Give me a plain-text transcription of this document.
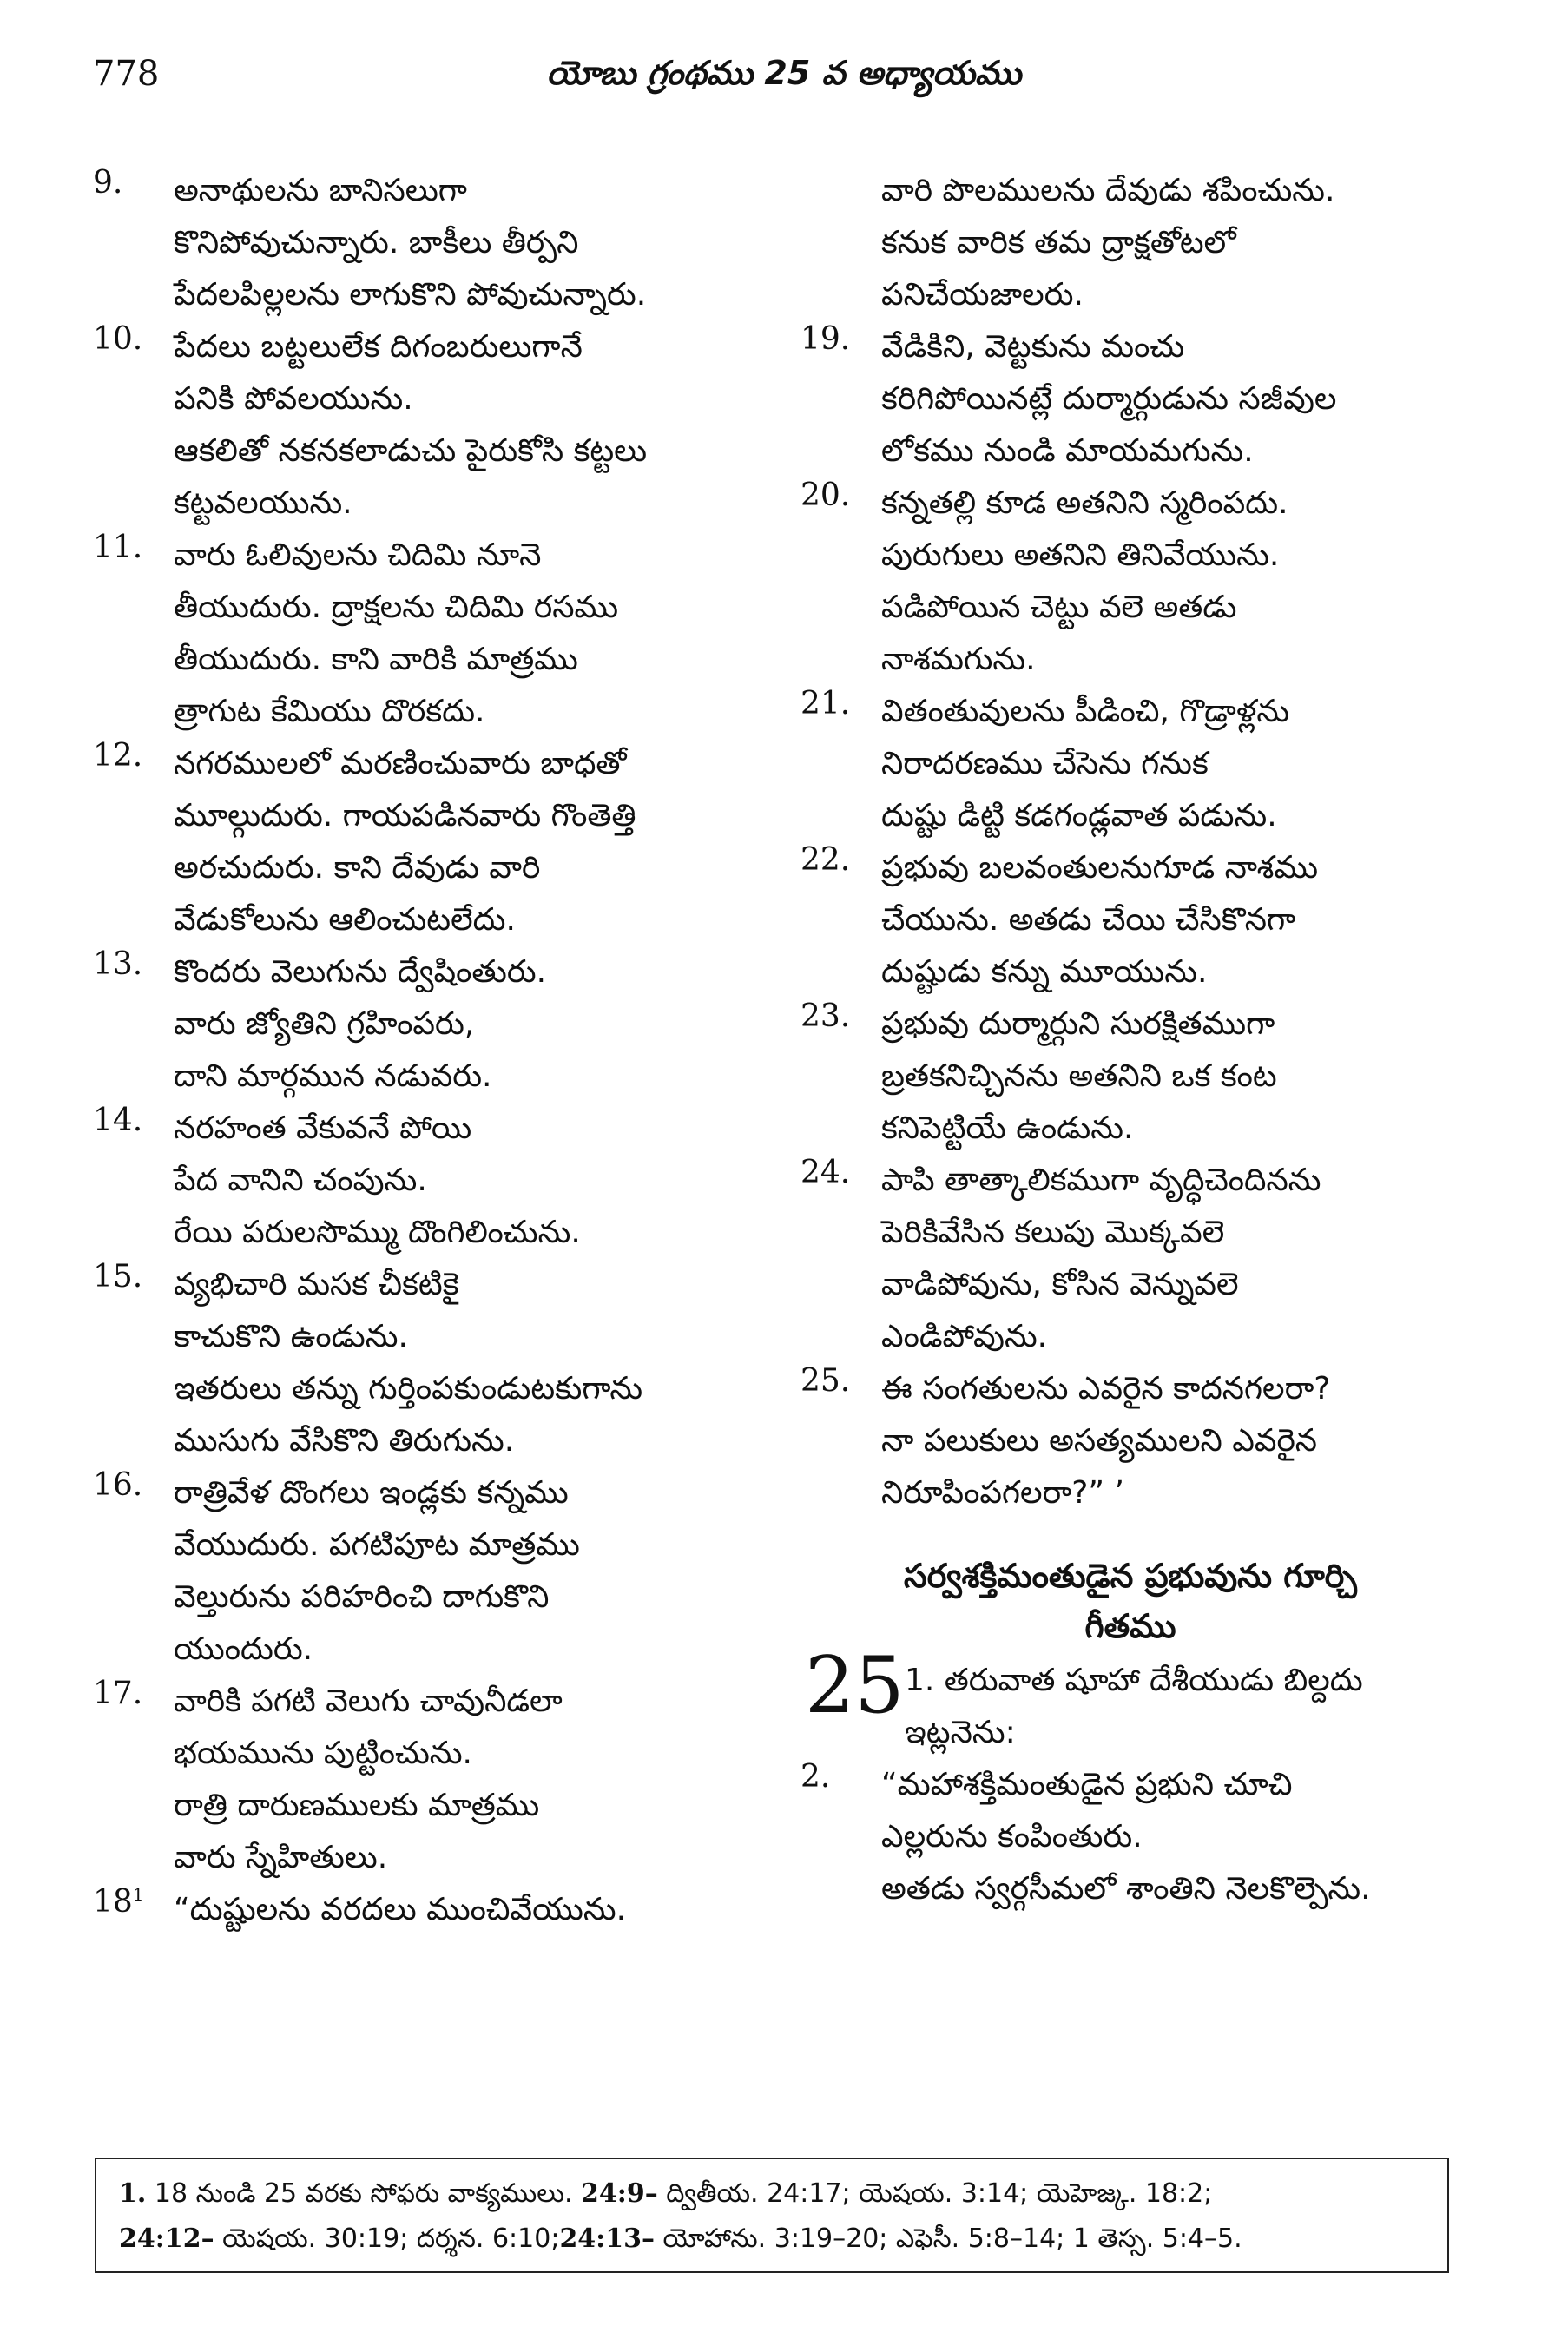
778	యోబు గ్రంథము 25 వ అధ్యాయము
9. అనాథులను బానిసలుగా
కొనిపోవుచున్నారు. బాకీలు తీర్పని
పేదలపిల్లలను లాగుకొని పోవుచున్నారు.
10. పేదలు బట్టలులేక దిగంబరులుగానే
పనికి పోవలయును.
ఆకలితో నకనకలాడుచు పైరుకోసి కట్టలు
కట్టవలయును.
11. వారు ఓలివులను చిదిమి నూనె
తీయుదురు. ద్రాక్షలను చిదిమి రసము
తీయుదురు. కాని వారికి మాత్రము
త్రాగుట కేమియు దొరకదు.
12. నగరములలో మరణించువారు బాధతో
మూల్గుదురు. గాయపడినవారు గొంతెత్తి
అరచుదురు. కాని దేవుడు వారి
వేడుకోలును ఆలించుటలేదు.
13. కొందరు వెలుగును ద్వేషింతురు.
వారు జ్యోతిని గ్రహింపరు,
దాని మార్గమున నడువరు.
14. నరహంత వేకువనే పోయి
పేద వానిని చంపును.
రేయి పరులసొమ్ము దొంగిలించును.
15. వ్యభిచారి మసక చీకటికై
కాచుకొని ఉండును.
ఇతరులు తన్ను గుర్తింపకుండుటకుగాను
ముసుగు వేసికొని తిరుగును.
16. రాత్రివేళ దొంగలు ఇండ్లకు కన్నము
వేయుదురు. పగటిపూట మాత్రము
వెల్తురును పరిహరించి దాగుకొని
యుందురు.
17. వారికి పగటి వెలుగు చావునీడలా
భయమును పుట్టించును.
రాత్రి దారుణములకు మాత్రము
వారు స్నేహితులు.
$18^1$ “దుష్టులను వరదలు ముంచివేయును.
వారి పొలములను దేవుడు శపించును.
కనుక వారిక తమ ద్రాక్షతోటలో
పనిచేయజాలరు.
19. వేడికిని, వెట్టకును మంచు
కరిగిపోయినట్లే దుర్మార్గుడును సజీవుల
లోకము నుండి మాయమగును.
20. కన్నతల్లి కూడ అతనిని స్మరింపదు.
పురుగులు అతనిని తినివేయును.
పడిపోయిన చెట్టు వలె అతడు
నాశమగును.
21. వితంతువులను పీడించి, గొడ్రాళ్లను
నిరాదరణము చేసెను గనుక
దుష్టు డిట్టి కడగండ్లవాత పడును.
22. ప్రభువు బలవంతులనుగూడ నాశము
చేయును. అతడు చేయి చేసికొనగా
దుష్టుడు కన్ను మూయును.
23. ప్రభువు దుర్మార్గుని సురక్షితముగా
బ్రతకనిచ్చినను అతనిని ఒక కంట
కనిపెట్టియే ఉండును.
24. పాపి తాత్కాలికముగా వృద్ధిచెందినను
పెరికివేసిన కలుపు మొక్కవలె
వాడిపోవును, కోసిన వెన్నువలె
ఎండిపోవును.
25. ఈ సంగతులను ఎవరైన కాదనగలరా?
నా పలుకులు అసత్యములని ఎవరైన
నిరూపింపగలరా?” ’
సర్వశక్తిమంతుడైన ప్రభువును గూర్చి
గీతము
25 1. తరువాత షూహా దేశీయుడు బిల్దదు
ఇట్లనెను:
2. “మహాశక్తిమంతుడైన ప్రభుని చూచి
ఎల్లరును కంపింతురు.
అతడు స్వర్గసీమలో శాంతిని నెలకొల్పెను.
1. 18 నుండి 25 వరకు సోఫరు వాక్యములు. 24:9– ద్వితీయ. 24:17; యెషయ. 3:14; యెహెజ్క. 18:2;
24:12– యెషయ. 30:19; దర్శన. 6:10;24:13– యోహాను. 3:19–20; ఎఫెసీ. 5:8–14; 1 తెస్స. 5:4–5.
